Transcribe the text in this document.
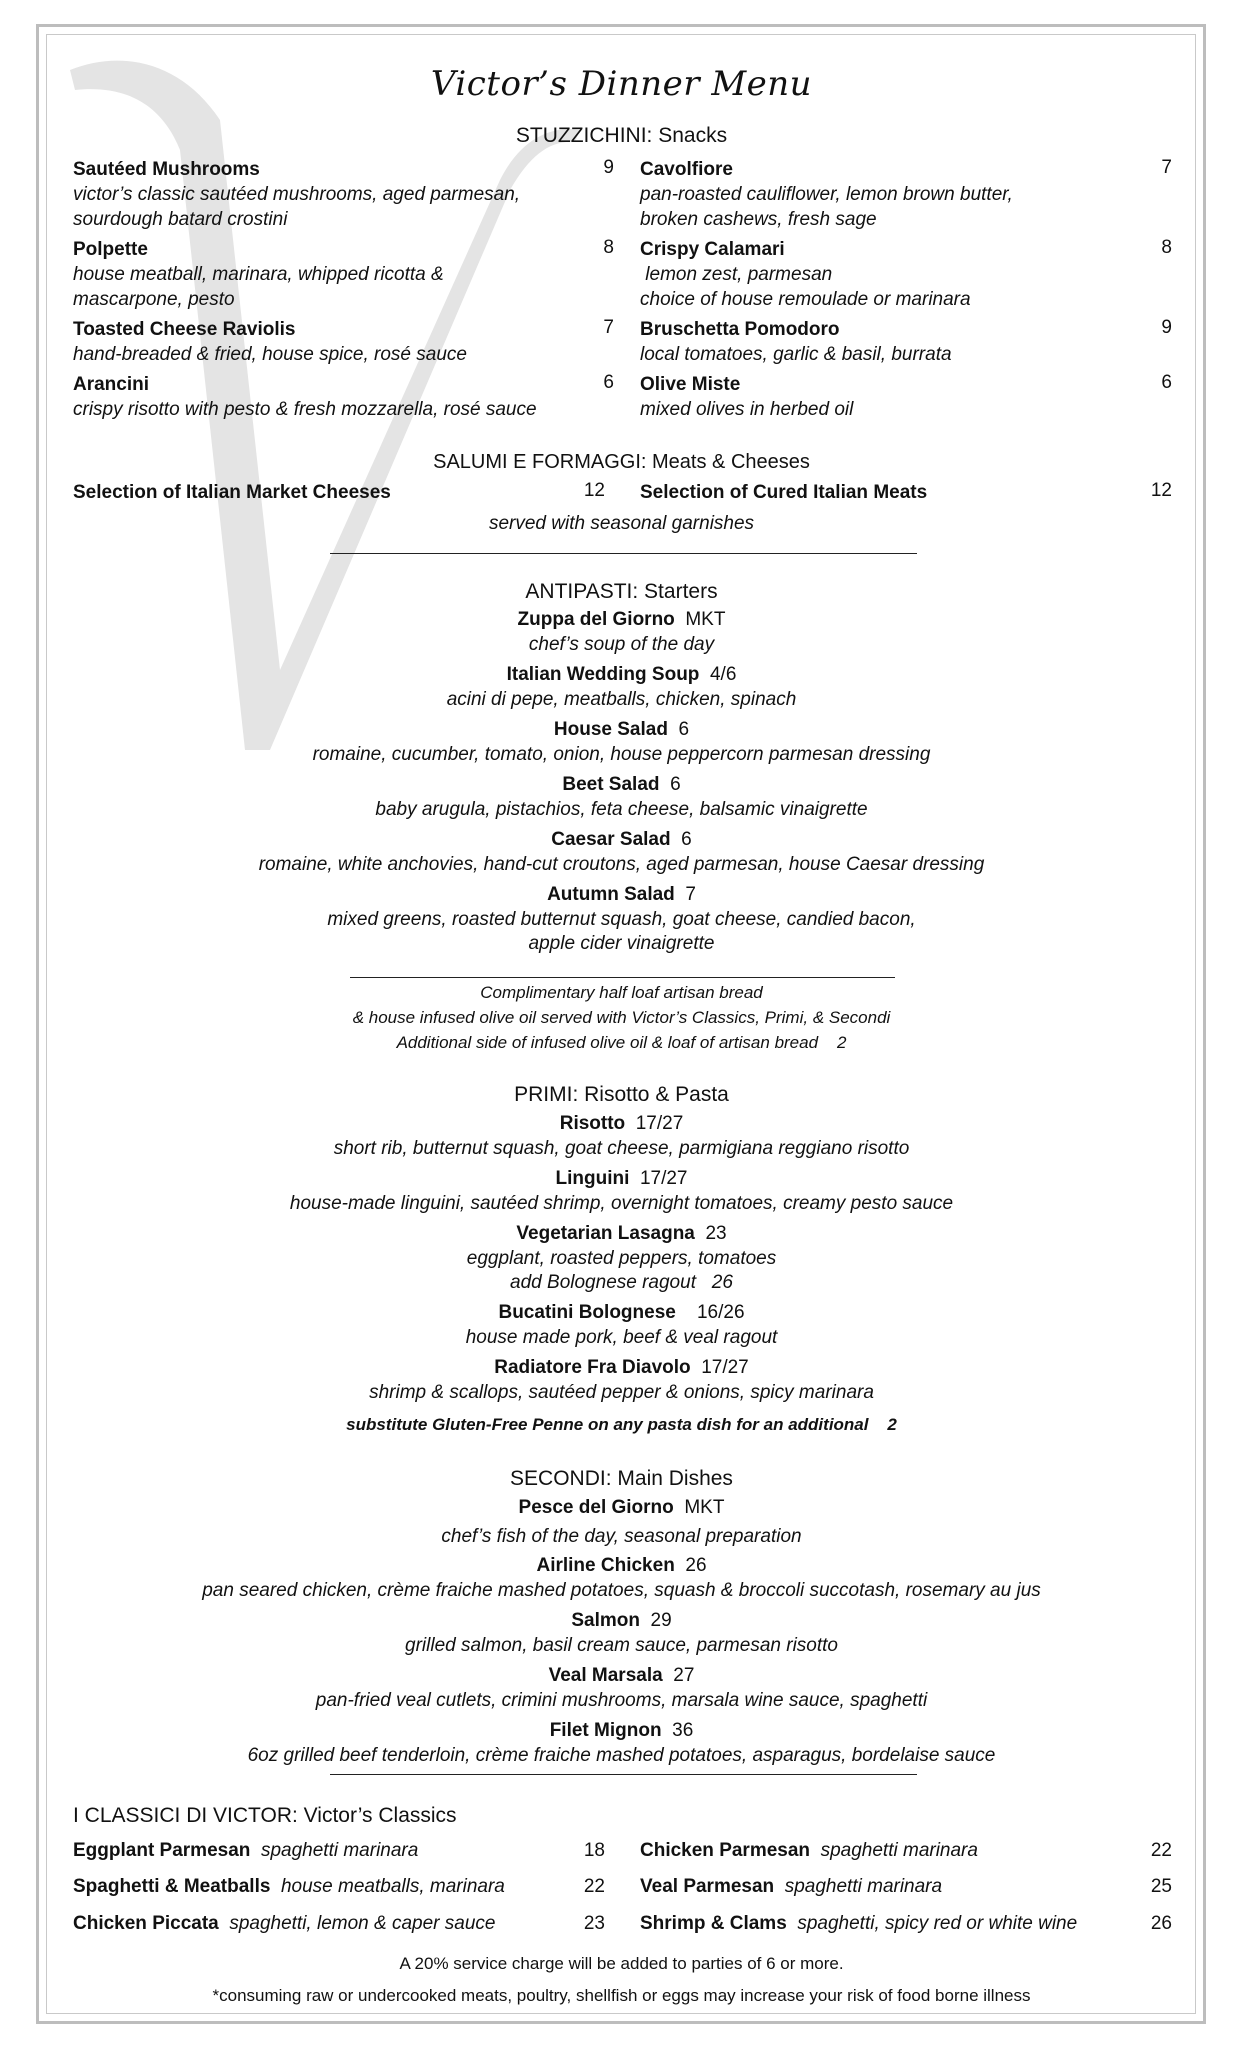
Victor’s Dinner Menu
STUZZICHINI: Snacks
Sautéed Mushrooms
victor’s classic sautéed mushrooms, aged parmesan,
sourdough batard crostini
9
Polpette
house meatball, marinara, whipped ricotta &
mascarpone, pesto
8
Toasted Cheese Raviolis
hand-breaded & fried, house spice, rosé sauce
7
Arancini
crispy risotto with pesto & fresh mozzarella, rosé sauce
6
Cavolfiore
pan-roasted cauliflower, lemon brown butter,
broken cashews, fresh sage
7
Crispy Calamari
lemon zest, parmesan
choice of house remoulade or marinara
8
Bruschetta Pomodoro
local tomatoes, garlic & basil, burrata
9
Olive Miste
mixed olives in herbed oil
6
SALUMI E FORMAGGI: Meats & Cheeses
Selection of Italian Market Cheeses	12 Selection of Cured Italian Meats	12
served with seasonal garnishes
ANTIPASTI: Starters
Zuppa del Giorno MKT
chef’s soup of the day
Italian Wedding Soup 4/6
acini di pepe, meatballs, chicken, spinach
House Salad 6
romaine, cucumber, tomato, onion, house peppercorn parmesan dressing
Beet Salad 6
baby arugula, pistachios, feta cheese, balsamic vinaigrette
Caesar Salad 6
romaine, white anchovies, hand-cut croutons, aged parmesan, house Caesar dressing
Autumn Salad 7
mixed greens, roasted butternut squash, goat cheese, candied bacon,
apple cider vinaigrette
Complimentary half loaf artisan bread
& house infused olive oil served with Victor’s Classics, Primi, & Secondi
Additional side of infused olive oil & loaf of artisan bread 2
PRIMI: Risotto & Pasta
Risotto 17/27
short rib, butternut squash, goat cheese, parmigiana reggiano risotto
Linguini 17/27
house-made linguini, sautéed shrimp, overnight tomatoes, creamy pesto sauce
Vegetarian Lasagna 23
eggplant, roasted peppers, tomatoes
add Bolognese ragout   26
Bucatini Bolognese 16/26
house made pork, beef & veal ragout
Radiatore Fra Diavolo 17/27
shrimp & scallops, sautéed pepper & onions, spicy marinara
substitute Gluten-Free Penne on any pasta dish for an additional 2
SECONDI: Main Dishes
Pesce del Giorno MKT
chef’s fish of the day, seasonal preparation
Airline Chicken 26
pan seared chicken, crème fraiche mashed potatoes, squash & broccoli succotash, rosemary au jus
Salmon 29
grilled salmon, basil cream sauce, parmesan risotto
Veal Marsala 27
pan-fried veal cutlets, crimini mushrooms, marsala wine sauce, spaghetti
Filet Mignon 36
6oz grilled beef tenderloin, crème fraiche mashed potatoes, asparagus, bordelaise sauce
I CLASSICI DI VICTOR: Victor’s Classics
Eggplant Parmesan spaghetti marinara	18
Spaghetti & Meatballs house meatballs, marinara	22
Chicken Piccata spaghetti, lemon & caper sauce	23
Chicken Parmesan spaghetti marinara	22
Veal Parmesan spaghetti marinara	25
Shrimp & Clams spaghetti, spicy red or white wine	26
A 20% service charge will be added to parties of 6 or more.
*consuming raw or undercooked meats, poultry, shellfish or eggs may increase your risk of food borne illness
